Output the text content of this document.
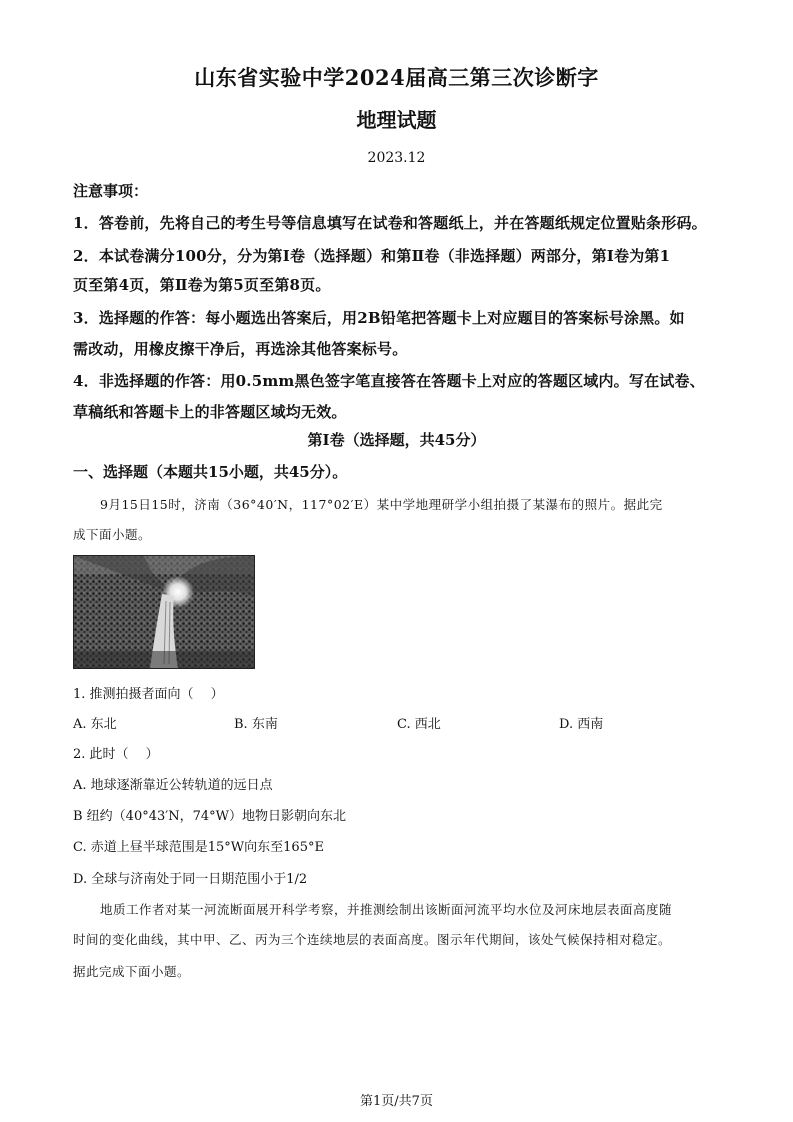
山东省实验中学2024届高三第三次诊断字
地理试题
2023.12
注意事项：
1．答卷前，先将自己的考生号等信息填写在试卷和答题纸上，并在答题纸规定位置贴条形码。
2．本试卷满分100分，分为第Ⅰ卷（选择题）和第Ⅱ卷（非选择题）两部分，第Ⅰ卷为第1
页至第4页，第Ⅱ卷为第5页至第8页。
3．选择题的作答：每小题选出答案后，用2B铅笔把答题卡上对应题目的答案标号涂黑。如
需改动，用橡皮擦干净后，再选涂其他答案标号。
4．非选择题的作答：用0.5mm黑色签字笔直接答在答题卡上对应的答题区域内。写在试卷、
草稿纸和答题卡上的非答题区域均无效。
第Ⅰ卷（选择题，共45分）
一、选择题（本题共15小题，共45分）。
9月15日15时，济南（36°40′N，117°02′E）某中学地理研学小组拍摄了某瀑布的照片。据此完
成下面小题。
1. 推测拍摄者面向（　 ）
A. 东北	B. 东南	C. 西北	D. 西南
2. 此时（　 ）
A. 地球逐渐靠近公转轨道的远日点
B 纽约（40°43′N，74°W）地物日影朝向东北
C. 赤道上昼半球范围是15°W向东至165°E
D. 全球与济南处于同一日期范围小于1/2
地质工作者对某一河流断面展开科学考察，并推测绘制出该断面河流平均水位及河床地层表面高度随
时间的变化曲线，其中甲、乙、丙为三个连续地层的表面高度。图示年代期间，该处气候保持相对稳定。
据此完成下面小题。
第1页/共7页
